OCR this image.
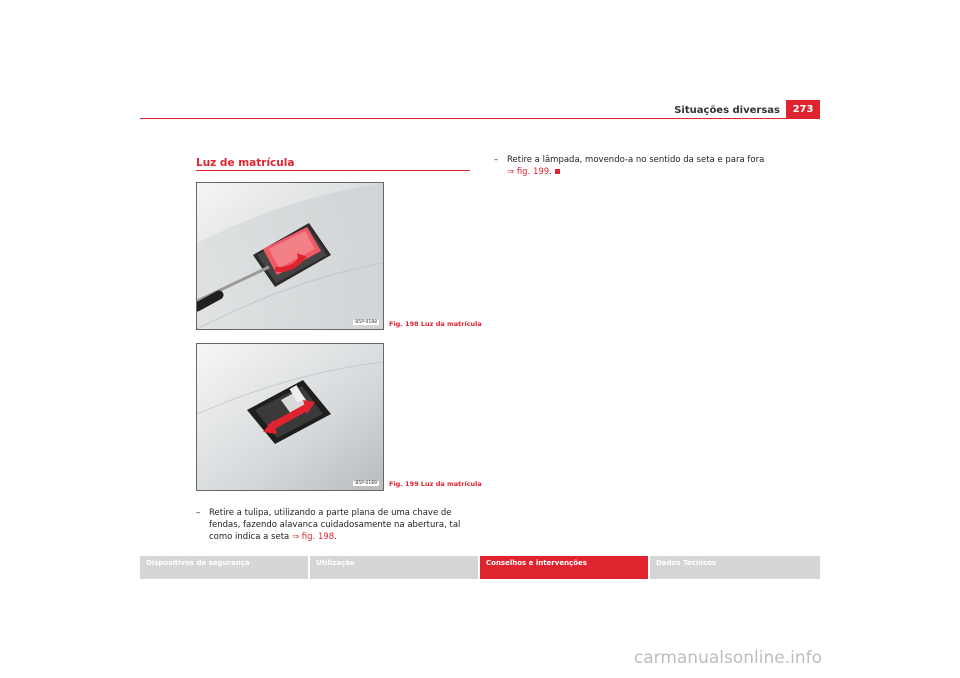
Situações diversas	273
Luz de matrícula
B5P-0188	Fig. 198 Luz da matrícula
B5P-0189	Fig. 199 Luz da matrícula
–	Retire a tulipa, utilizando a parte plana de uma chave de fendas, fazendo alavanca cuidadosamente na abertura, tal como indica a seta ⇒ fig. 198.
–	Retire a lâmpada, movendo-a no sentido da seta e para fora ⇒ fig. 199.
Dispositivos de segurança	Utilização	Conselhos e intervenções	Dados Técnicos
carmanualsonline.info
